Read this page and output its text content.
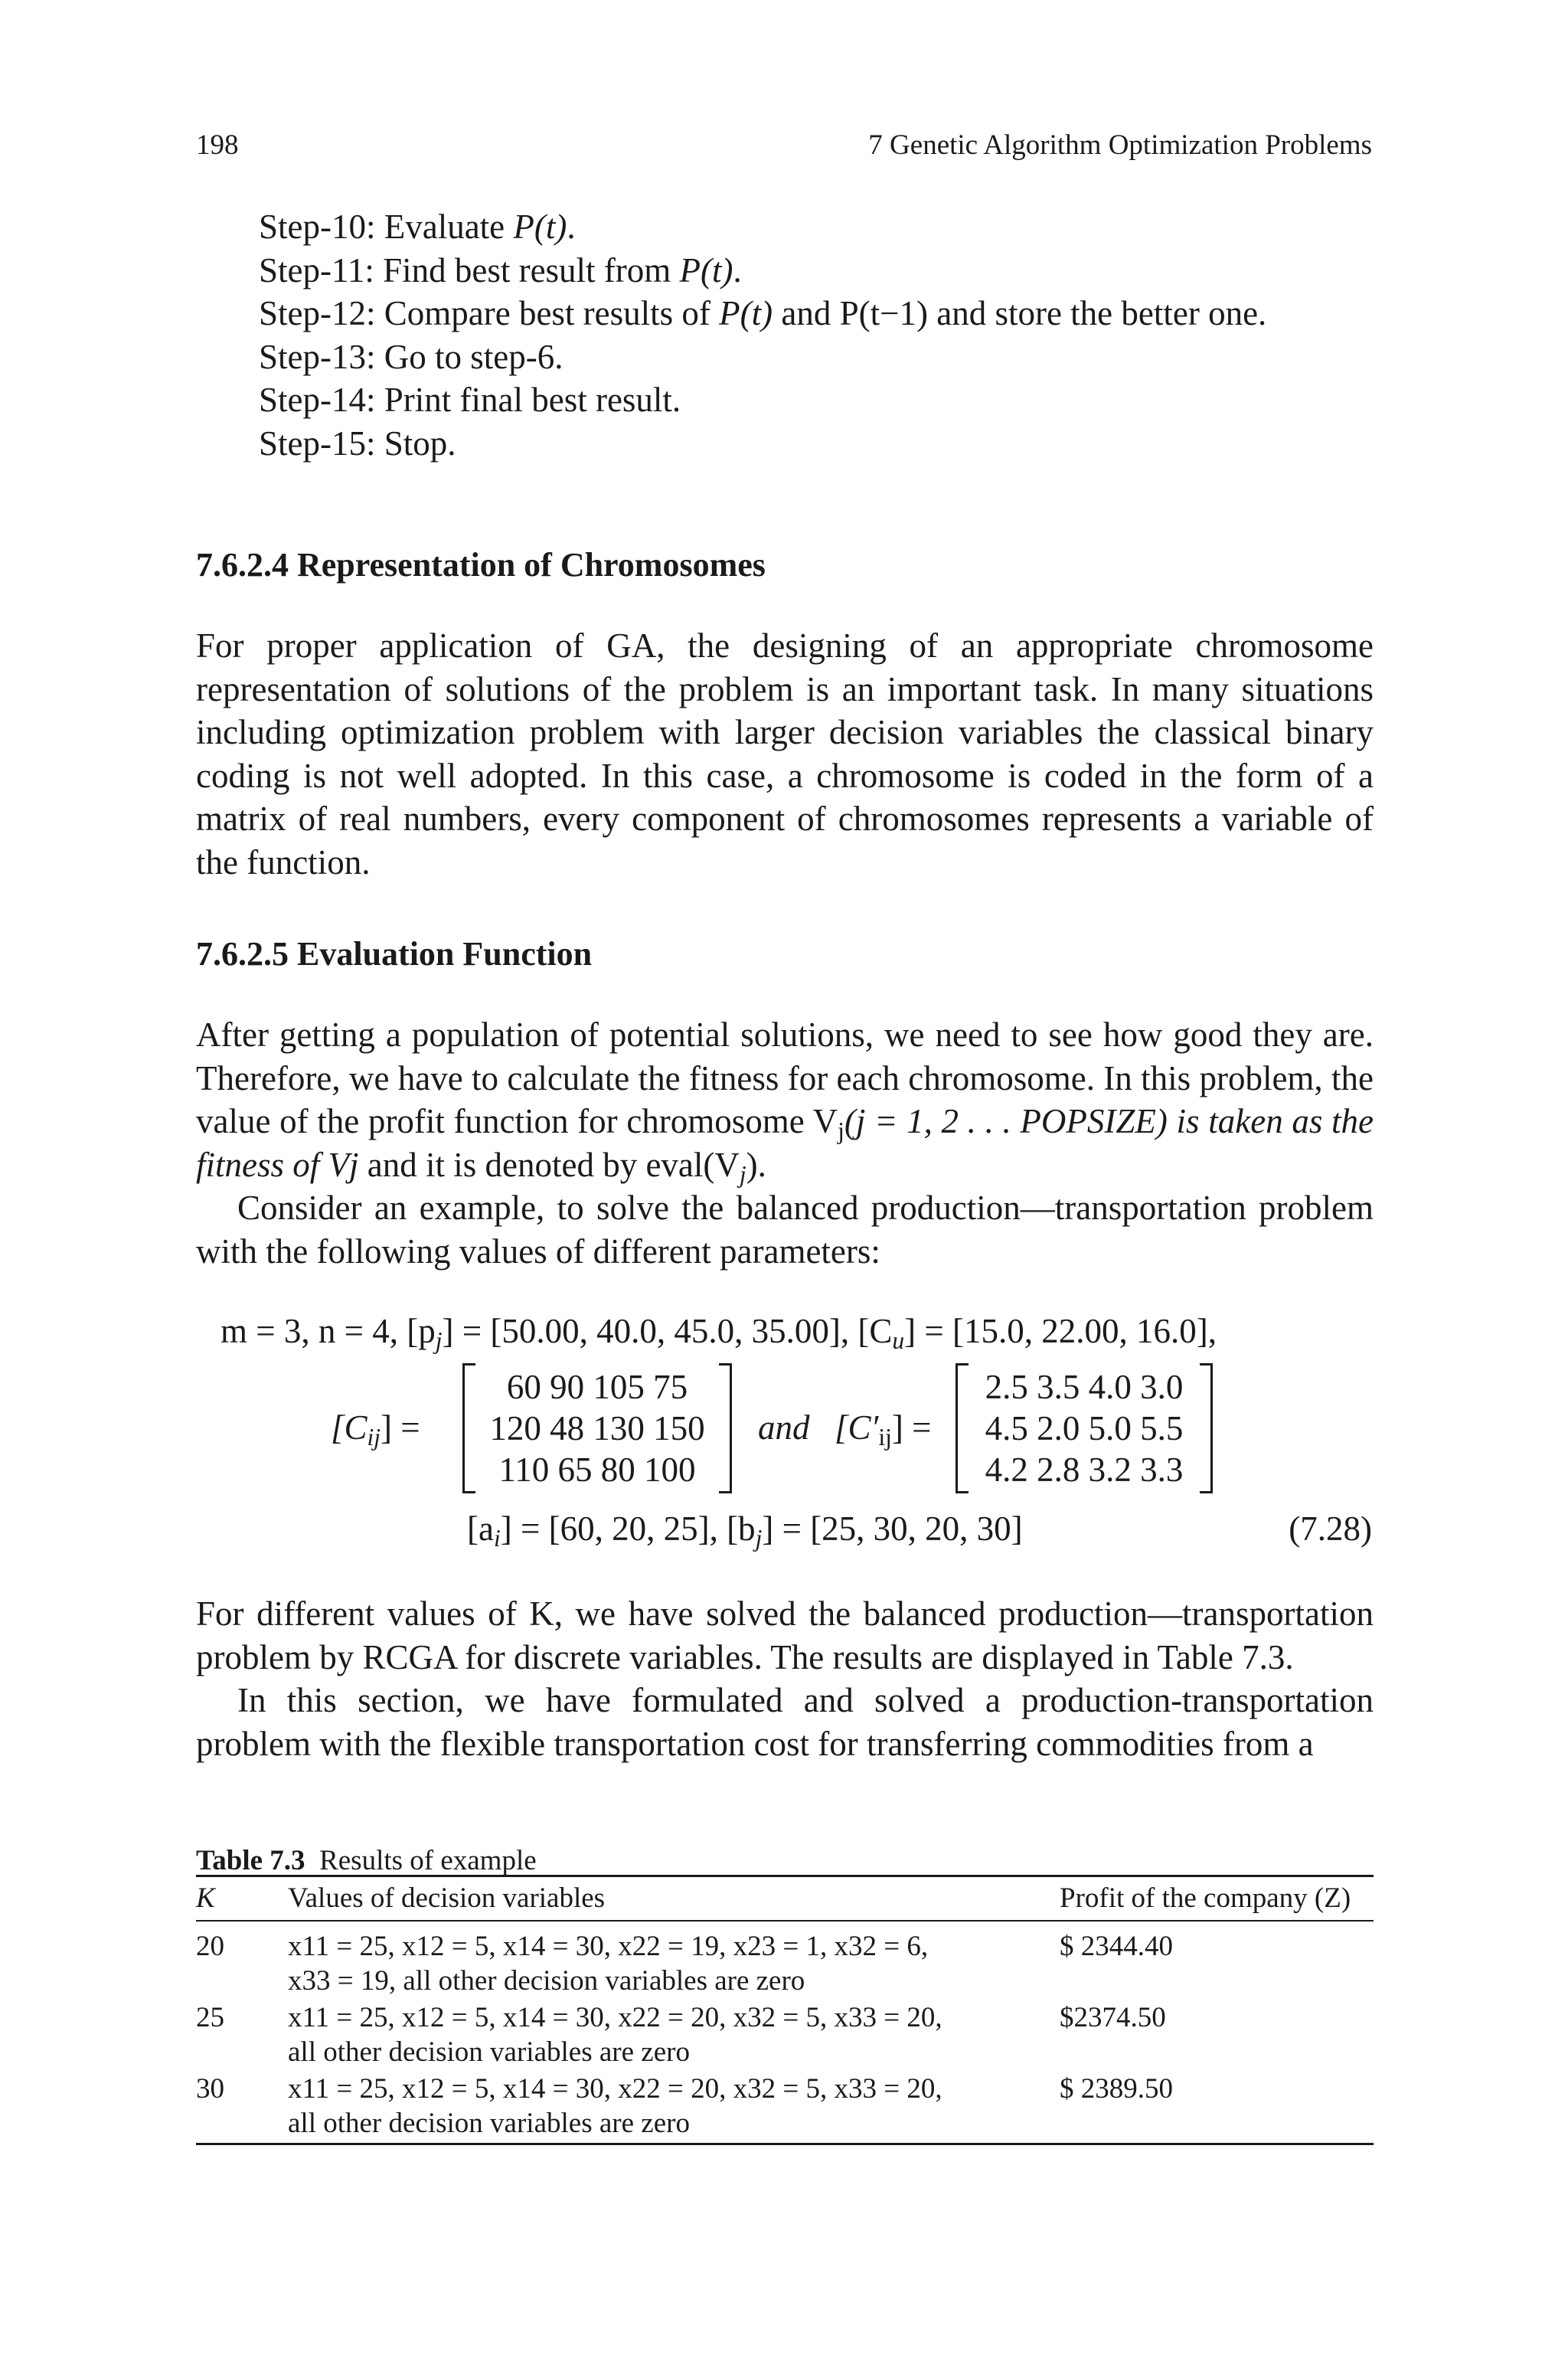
198	7 Genetic Algorithm Optimization Problems
Step-10: Evaluate P(t).
Step-11: Find best result from P(t).
Step-12: Compare best results of P(t) and P(t−1) and store the better one.
Step-13: Go to step-6.
Step-14: Print final best result.
Step-15: Stop.
7.6.2.4 Representation of Chromosomes

For proper application of GA, the designing of an appropriate chromosome representation of solutions of the problem is an important task. In many situations including optimization problem with larger decision variables the classical binary coding is not well adopted. In this case, a chromosome is coded in the form of a matrix of real numbers, every component of chromosomes represents a variable of the function.

7.6.2.5 Evaluation Function

After getting a population of potential solutions, we need to see how good they are. Therefore, we have to calculate the fitness for each chromosome. In this problem, the value of the profit function for chromosome $V_j(j = 1$, 2 . . . POPSIZE) is taken as the fitness of Vj and it is denoted by $eval(V_j)$.

Consider an example, to solve the balanced production—transportation problem with the following values of different parameters:

m = 3, n = 4, $[p_j] = [50.00$, 40.0, 45.0, 35.00], $[C_u] = [15.0$, 22.00, 16.0],
$[C_{ij}]$ =
60 90 105 75
120 48 130 150
110 65 80 100
and $[C'_{ij}]$ =
2.5 3.5 4.0 3.0
4.5 2.0 5.0 5.5
4.2 2.8 3.2 3.3
$[a_i] = [60$, 20, 25], $[b_j] = [25$, 30, 20, 30]	(7.28)

For different values of K, we have solved the balanced production—transportation problem by RCGA for discrete variables. The results are displayed in Table 7.3.

In this section, we have formulated and solved a production-transportation problem with the flexible transportation cost for transferring commodities from a

Table 7.3 Results of example
K	Values of decision variables	Profit of the company (Z)
20	x11 = 25, x12 = 5, x14 = 30, x22 = 19, x23 = 1, x32 = 6,
x33 = 19, all other decision variables are zero	$ 2344.40
25	x11 = 25, x12 = 5, x14 = 30, x22 = 20, x32 = 5, x33 = 20,
all other decision variables are zero	$2374.50
30	x11 = 25, x12 = 5, x14 = 30, x22 = 20, x32 = 5, x33 = 20,
all other decision variables are zero	$ 2389.50
